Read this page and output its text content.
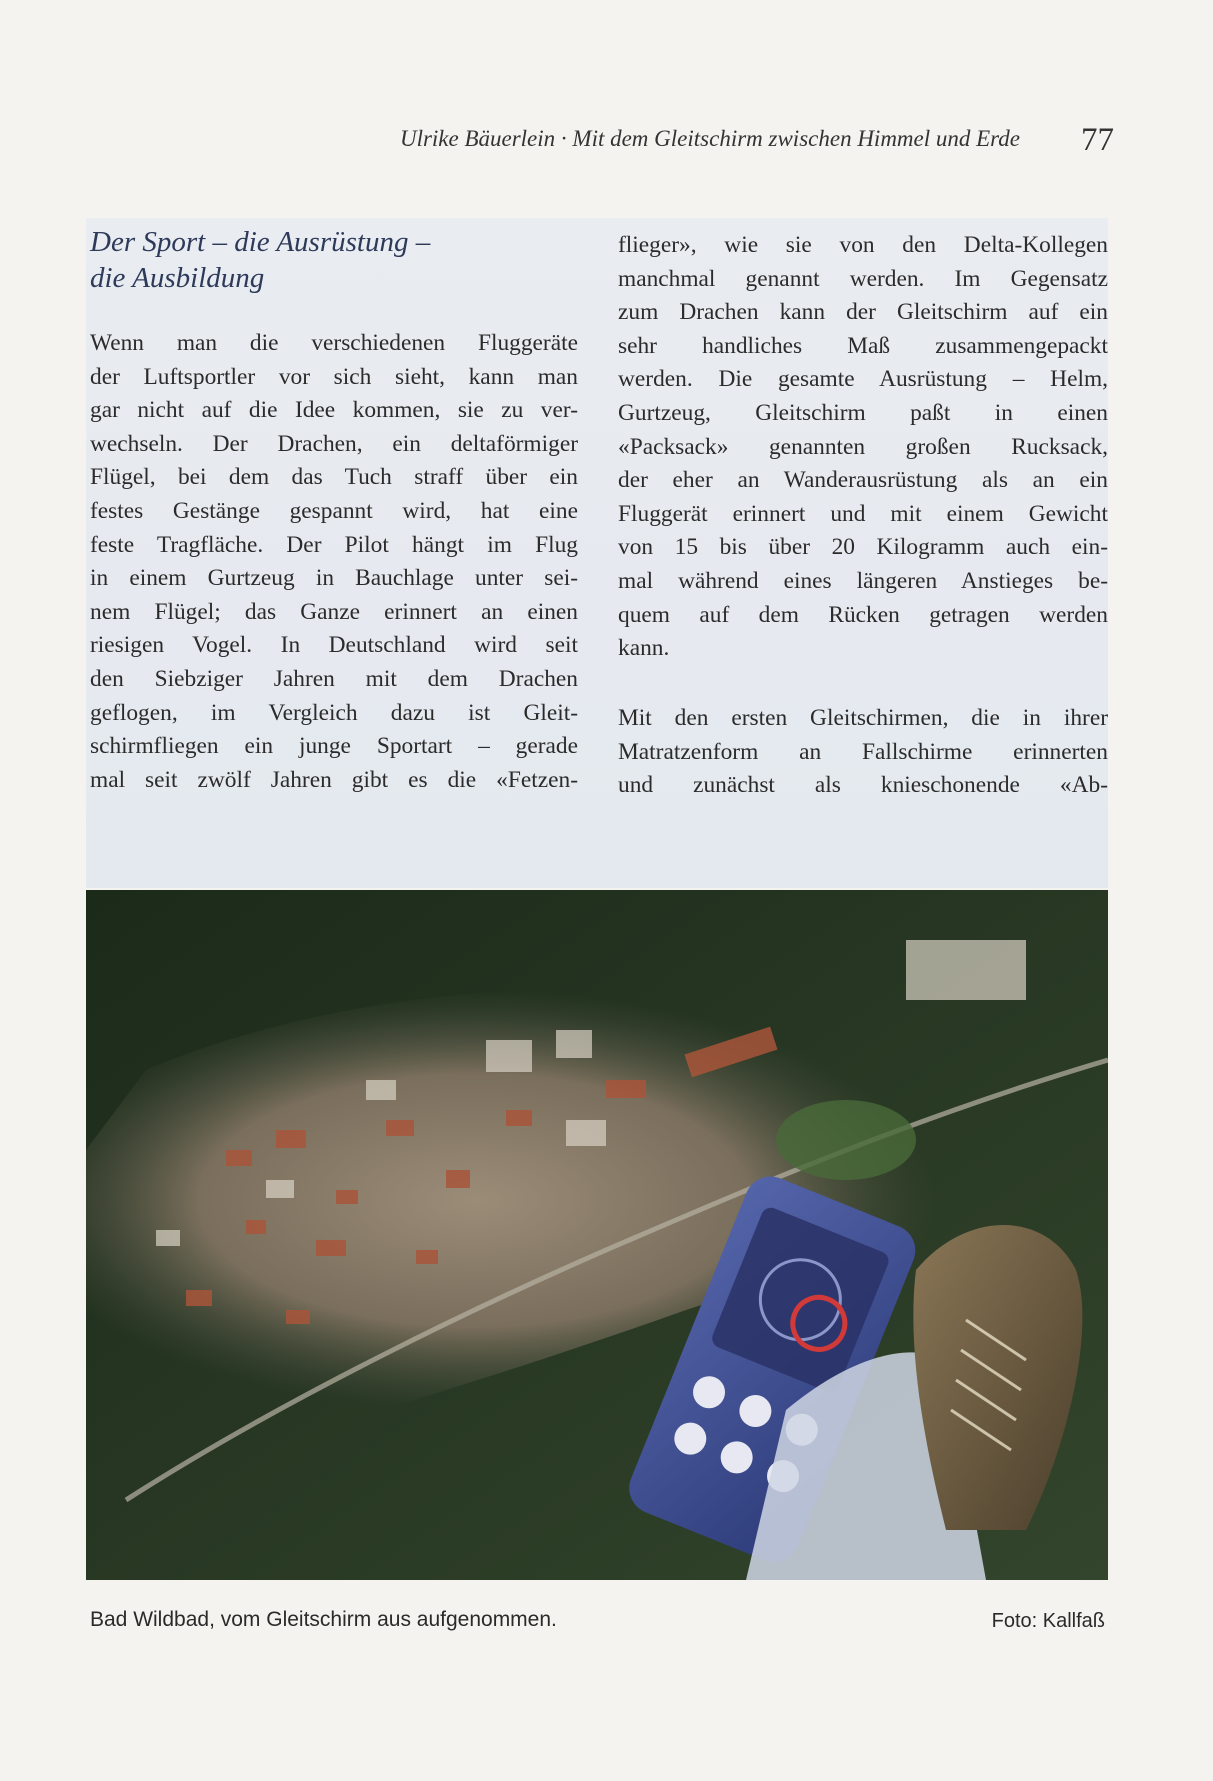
Ulrike Bäuerlein · Mit dem Gleitschirm zwischen Himmel und Erde	77
Der Sport – die Ausrüstung –
die Ausbildung
Wenn man die verschiedenen Fluggeräte
der Luftsportler vor sich sieht, kann man
gar nicht auf die Idee kommen, sie zu ver-
wechseln. Der Drachen, ein deltaförmiger
Flügel, bei dem das Tuch straff über ein
festes Gestänge gespannt wird, hat eine
feste Tragfläche. Der Pilot hängt im Flug
in einem Gurtzeug in Bauchlage unter sei-
nem Flügel; das Ganze erinnert an einen
riesigen Vogel. In Deutschland wird seit
den Siebziger Jahren mit dem Drachen
geflogen, im Vergleich dazu ist Gleit-
schirmfliegen ein junge Sportart – gerade
mal seit zwölf Jahren gibt es die «Fetzen-
flieger», wie sie von den Delta-Kollegen
manchmal genannt werden. Im Gegensatz
zum Drachen kann der Gleitschirm auf ein
sehr handliches Maß zusammengepackt
werden. Die gesamte Ausrüstung – Helm,
Gurtzeug, Gleitschirm paßt in einen
«Packsack» genannten großen Rucksack,
der eher an Wanderausrüstung als an ein
Fluggerät erinnert und mit einem Gewicht
von 15 bis über 20 Kilogramm auch ein-
mal während eines längeren Anstieges be-
quem auf dem Rücken getragen werden
kann.
Mit den ersten Gleitschirmen, die in ihrer
Matratzenform an Fallschirme erinnerten
und zunächst als knieschonende «Ab-
Bad Wildbad, vom Gleitschirm aus aufgenommen.	Foto: Kallfaß
